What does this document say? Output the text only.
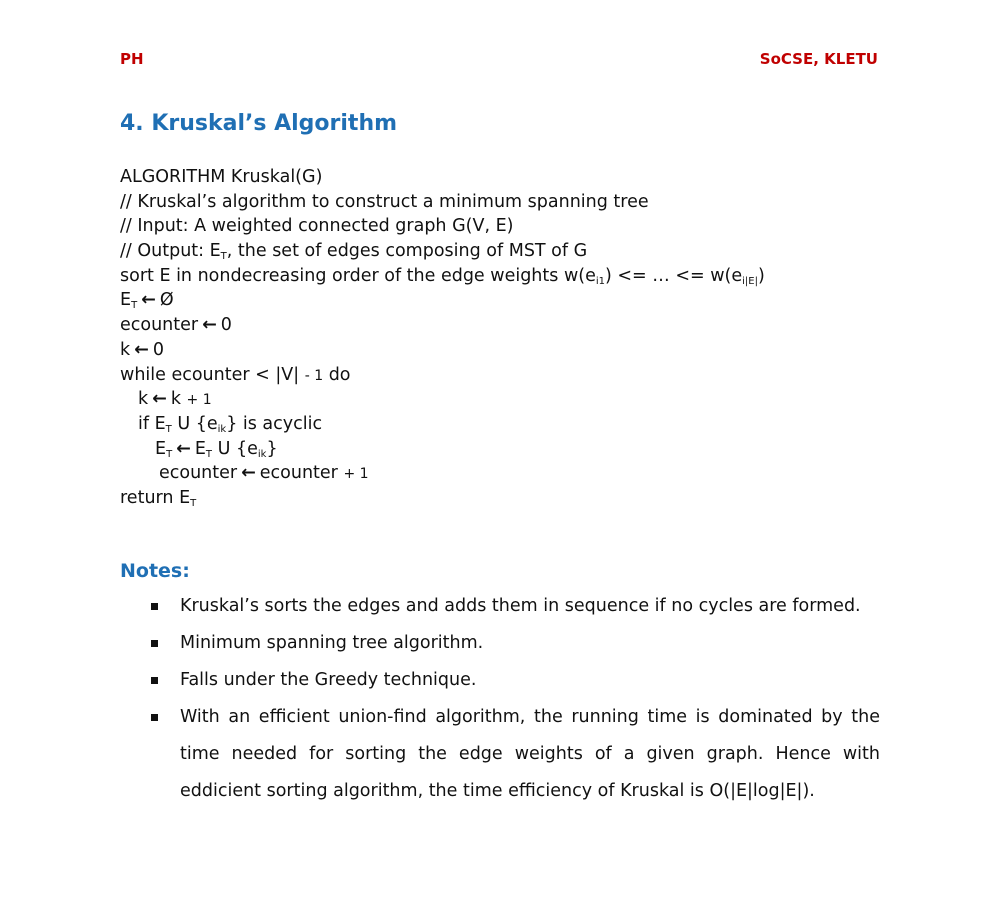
PH	SoCSE, KLETU
4. Kruskal’s Algorithm
ALGORITHM Kruskal(G)
// Kruskal’s algorithm to construct a minimum spanning tree
// Input: A weighted connected graph G(V, E)
// Output: $E_T$, the set of edges composing of MST of G
sort E in nondecreasing order of the edge weights $w(e_{i1})$ <= … <= $w(e_{i|E|})$
$E_T$ ← Ø
ecounter ← 0
k ← 0
while ecounter < |V| - 1 do
k ← k + 1
if $E_T$ U $\{e_{ik}\}$ is acyclic
$E_T$ ← $E_T$ U $\{e_{ik}\}$
ecounter ← ecounter + 1
return $E_T$
Notes:
Kruskal’s sorts the edges and adds them in sequence if no cycles are formed.
Minimum spanning tree algorithm.
Falls under the Greedy technique.
With an efficient union-find algorithm, the running time is dominated by the time needed for sorting the edge weights of a given graph. Hence with eddicient sorting algorithm, the time efficiency of Kruskal is O(|E|log|E|).
